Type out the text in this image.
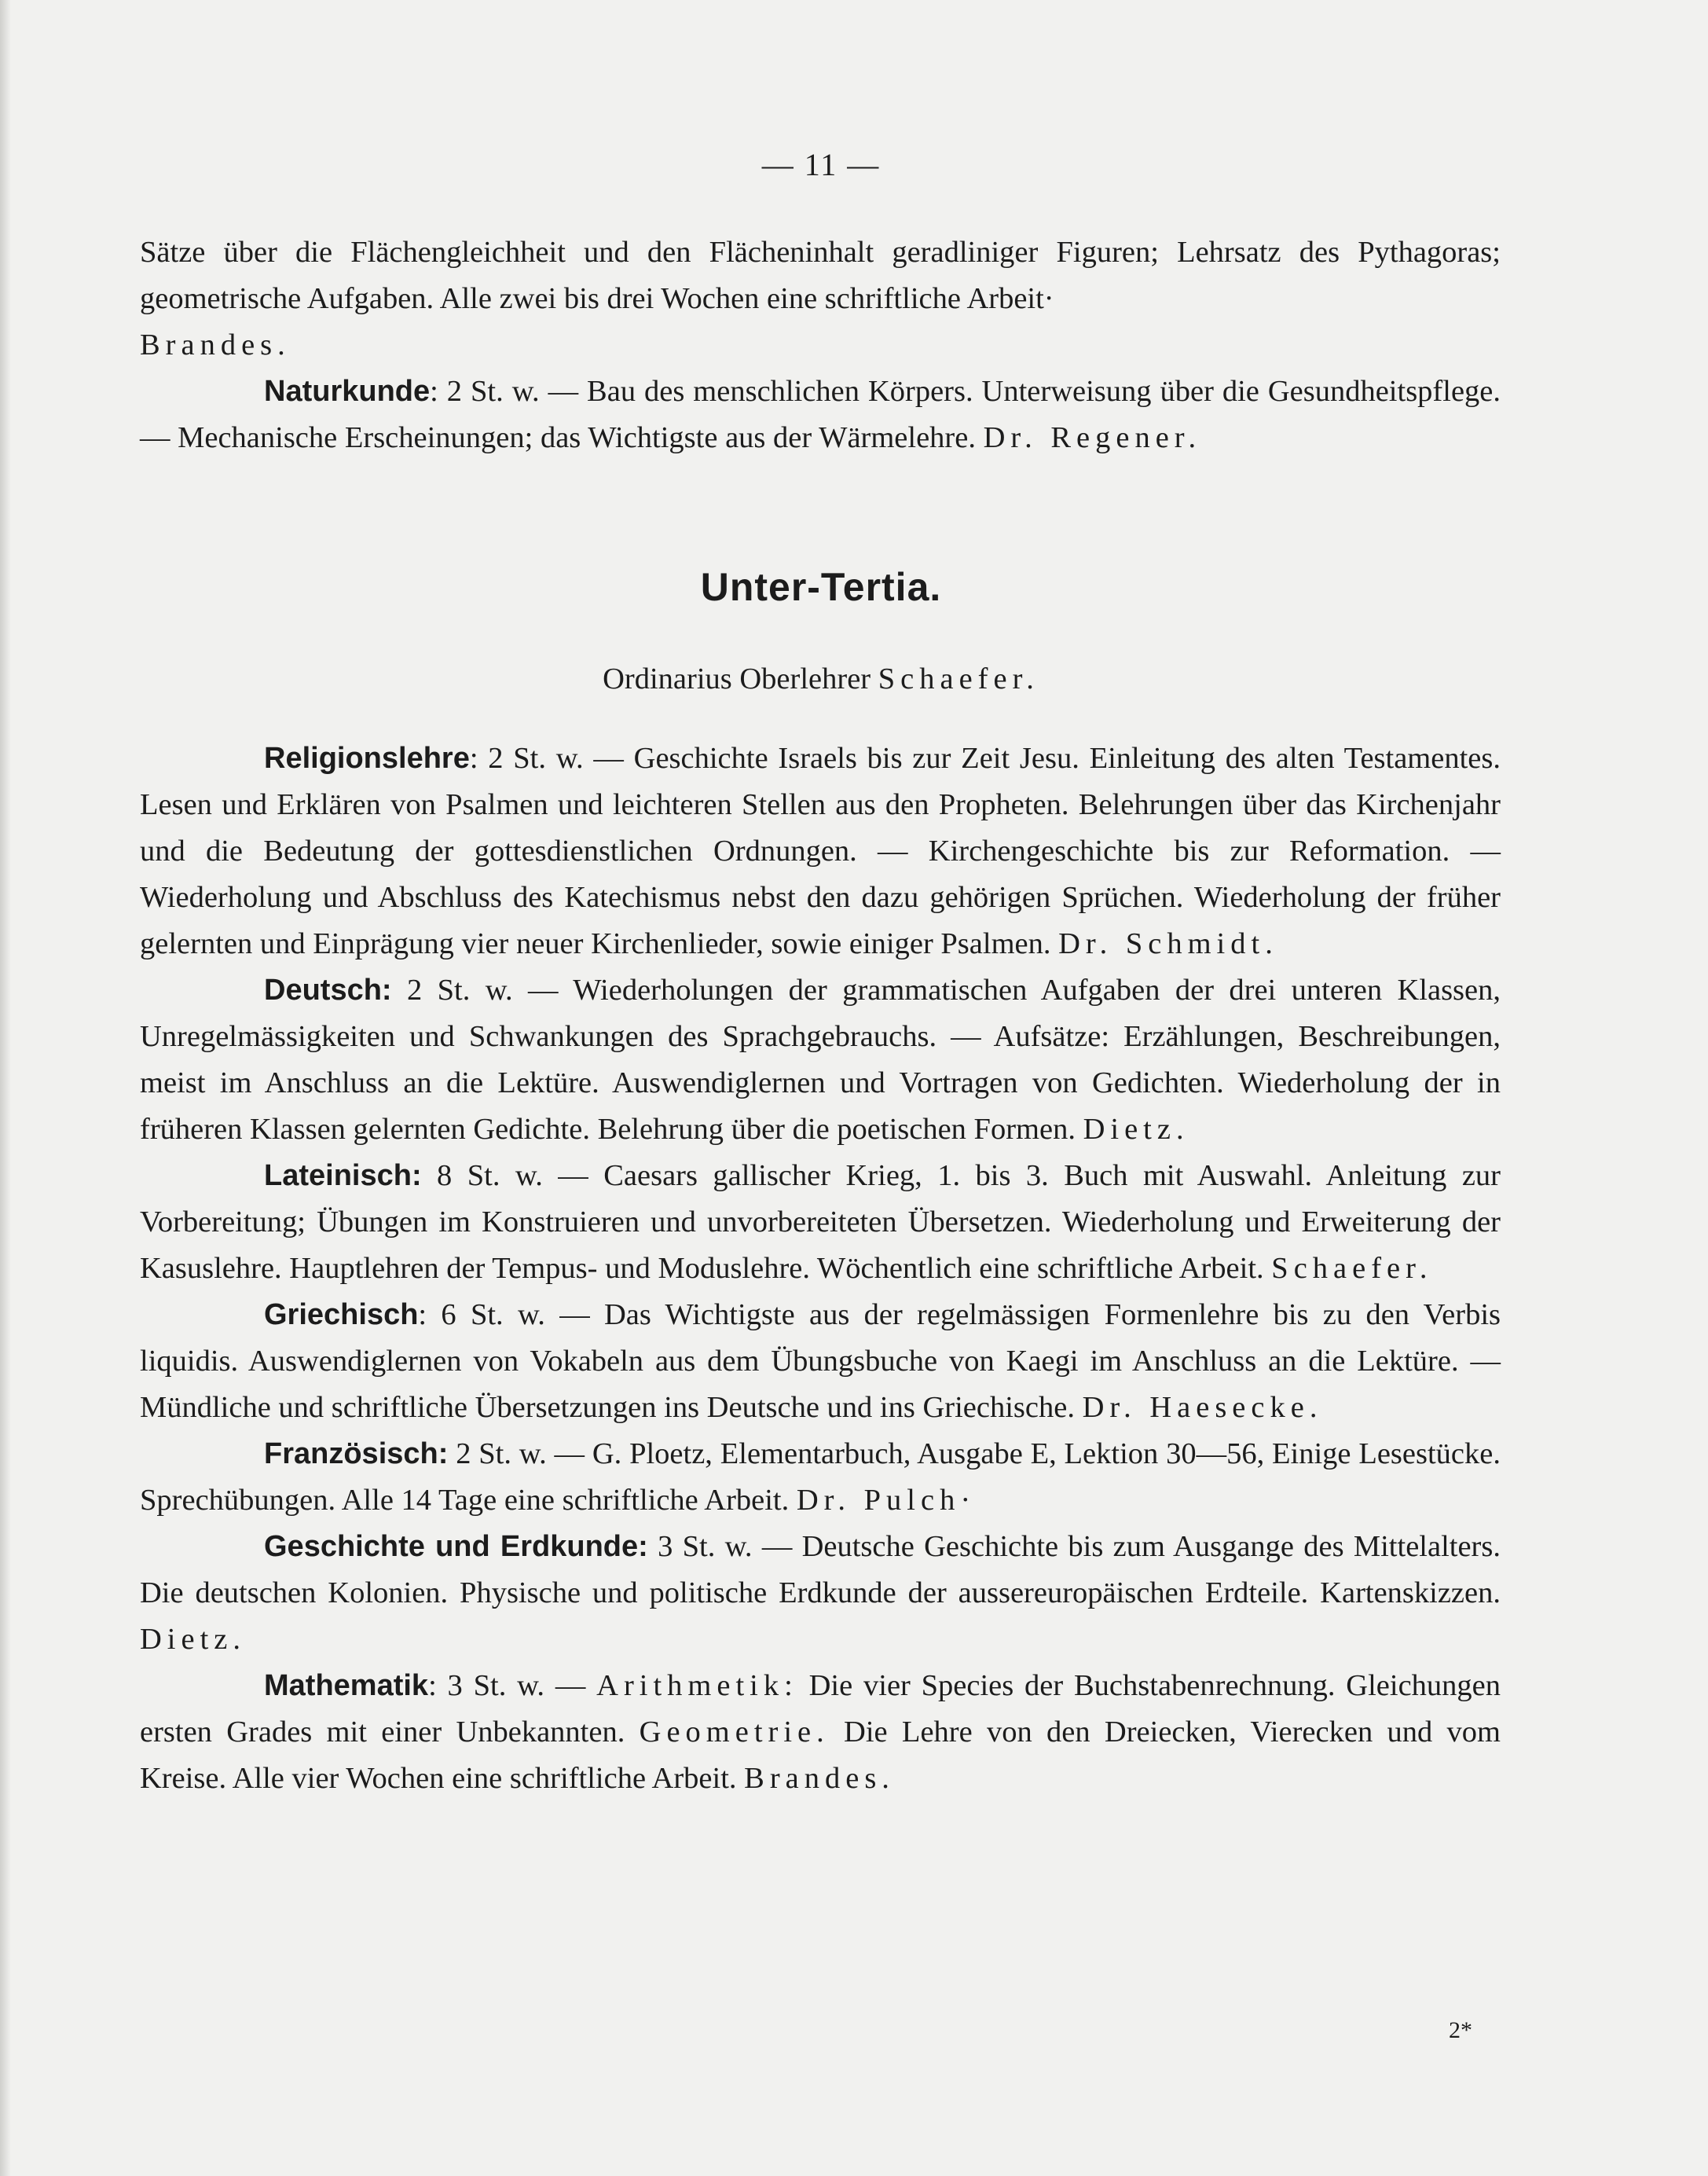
— 11 —

Sätze über die Flächengleichheit und den Flächeninhalt geradliniger Figuren; Lehrsatz des Pythagoras; geometrische Aufgaben. Alle zwei bis drei Wochen eine schriftliche Arbeit·
Brandes.

Naturkunde: 2 St. w. — Bau des menschlichen Körpers. Unterweisung über die Gesundheitspflege. — Mechanische Erscheinungen; das Wichtigste aus der Wärmelehre. Dr. Regener.

Unter-Tertia.
Ordinarius Oberlehrer Schaefer.

Religionslehre: 2 St. w. — Geschichte Israels bis zur Zeit Jesu. Einleitung des alten Testamentes. Lesen und Erklären von Psalmen und leichteren Stellen aus den Propheten. Belehrungen über das Kirchenjahr und die Bedeutung der gottesdienstlichen Ordnungen. — Kirchengeschichte bis zur Reformation. — Wiederholung und Abschluss des Katechismus nebst den dazu gehörigen Sprüchen. Wiederholung der früher gelernten und Einprägung vier neuer Kirchenlieder, sowie einiger Psalmen. Dr. Schmidt.

Deutsch: 2 St. w. — Wiederholungen der grammatischen Aufgaben der drei unteren Klassen, Unregelmässigkeiten und Schwankungen des Sprachgebrauchs. — Aufsätze: Erzählungen, Beschreibungen, meist im Anschluss an die Lektüre. Auswendiglernen und Vortragen von Gedichten. Wiederholung der in früheren Klassen gelernten Gedichte. Belehrung über die poetischen Formen. Dietz.

Lateinisch: 8 St. w. — Caesars gallischer Krieg, 1. bis 3. Buch mit Auswahl. Anleitung zur Vorbereitung; Übungen im Konstruieren und unvorbereiteten Übersetzen. Wiederholung und Erweiterung der Kasuslehre. Hauptlehren der Tempus- und Moduslehre. Wöchentlich eine schriftliche Arbeit. Schaefer.

Griechisch: 6 St. w. — Das Wichtigste aus der regelmässigen Formenlehre bis zu den Verbis liquidis. Auswendiglernen von Vokabeln aus dem Übungsbuche von Kaegi im Anschluss an die Lektüre. — Mündliche und schriftliche Übersetzungen ins Deutsche und ins Griechische. Dr. Haesecke.

Französisch: 2 St. w. — G. Ploetz, Elementarbuch, Ausgabe E, Lektion 30—56, Einige Lesestücke. Sprechübungen. Alle 14 Tage eine schriftliche Arbeit. Dr. Pulch·

Geschichte und Erdkunde: 3 St. w. — Deutsche Geschichte bis zum Ausgange des Mittelalters. Die deutschen Kolonien. Physische und politische Erdkunde der aussereuropäischen Erdteile. Kartenskizzen. Dietz.

Mathematik: 3 St. w. — Arithmetik: Die vier Species der Buchstabenrechnung. Gleichungen ersten Grades mit einer Unbekannten. Geometrie. Die Lehre von den Dreiecken, Vierecken und vom Kreise. Alle vier Wochen eine schriftliche Arbeit. Brandes.

2*
